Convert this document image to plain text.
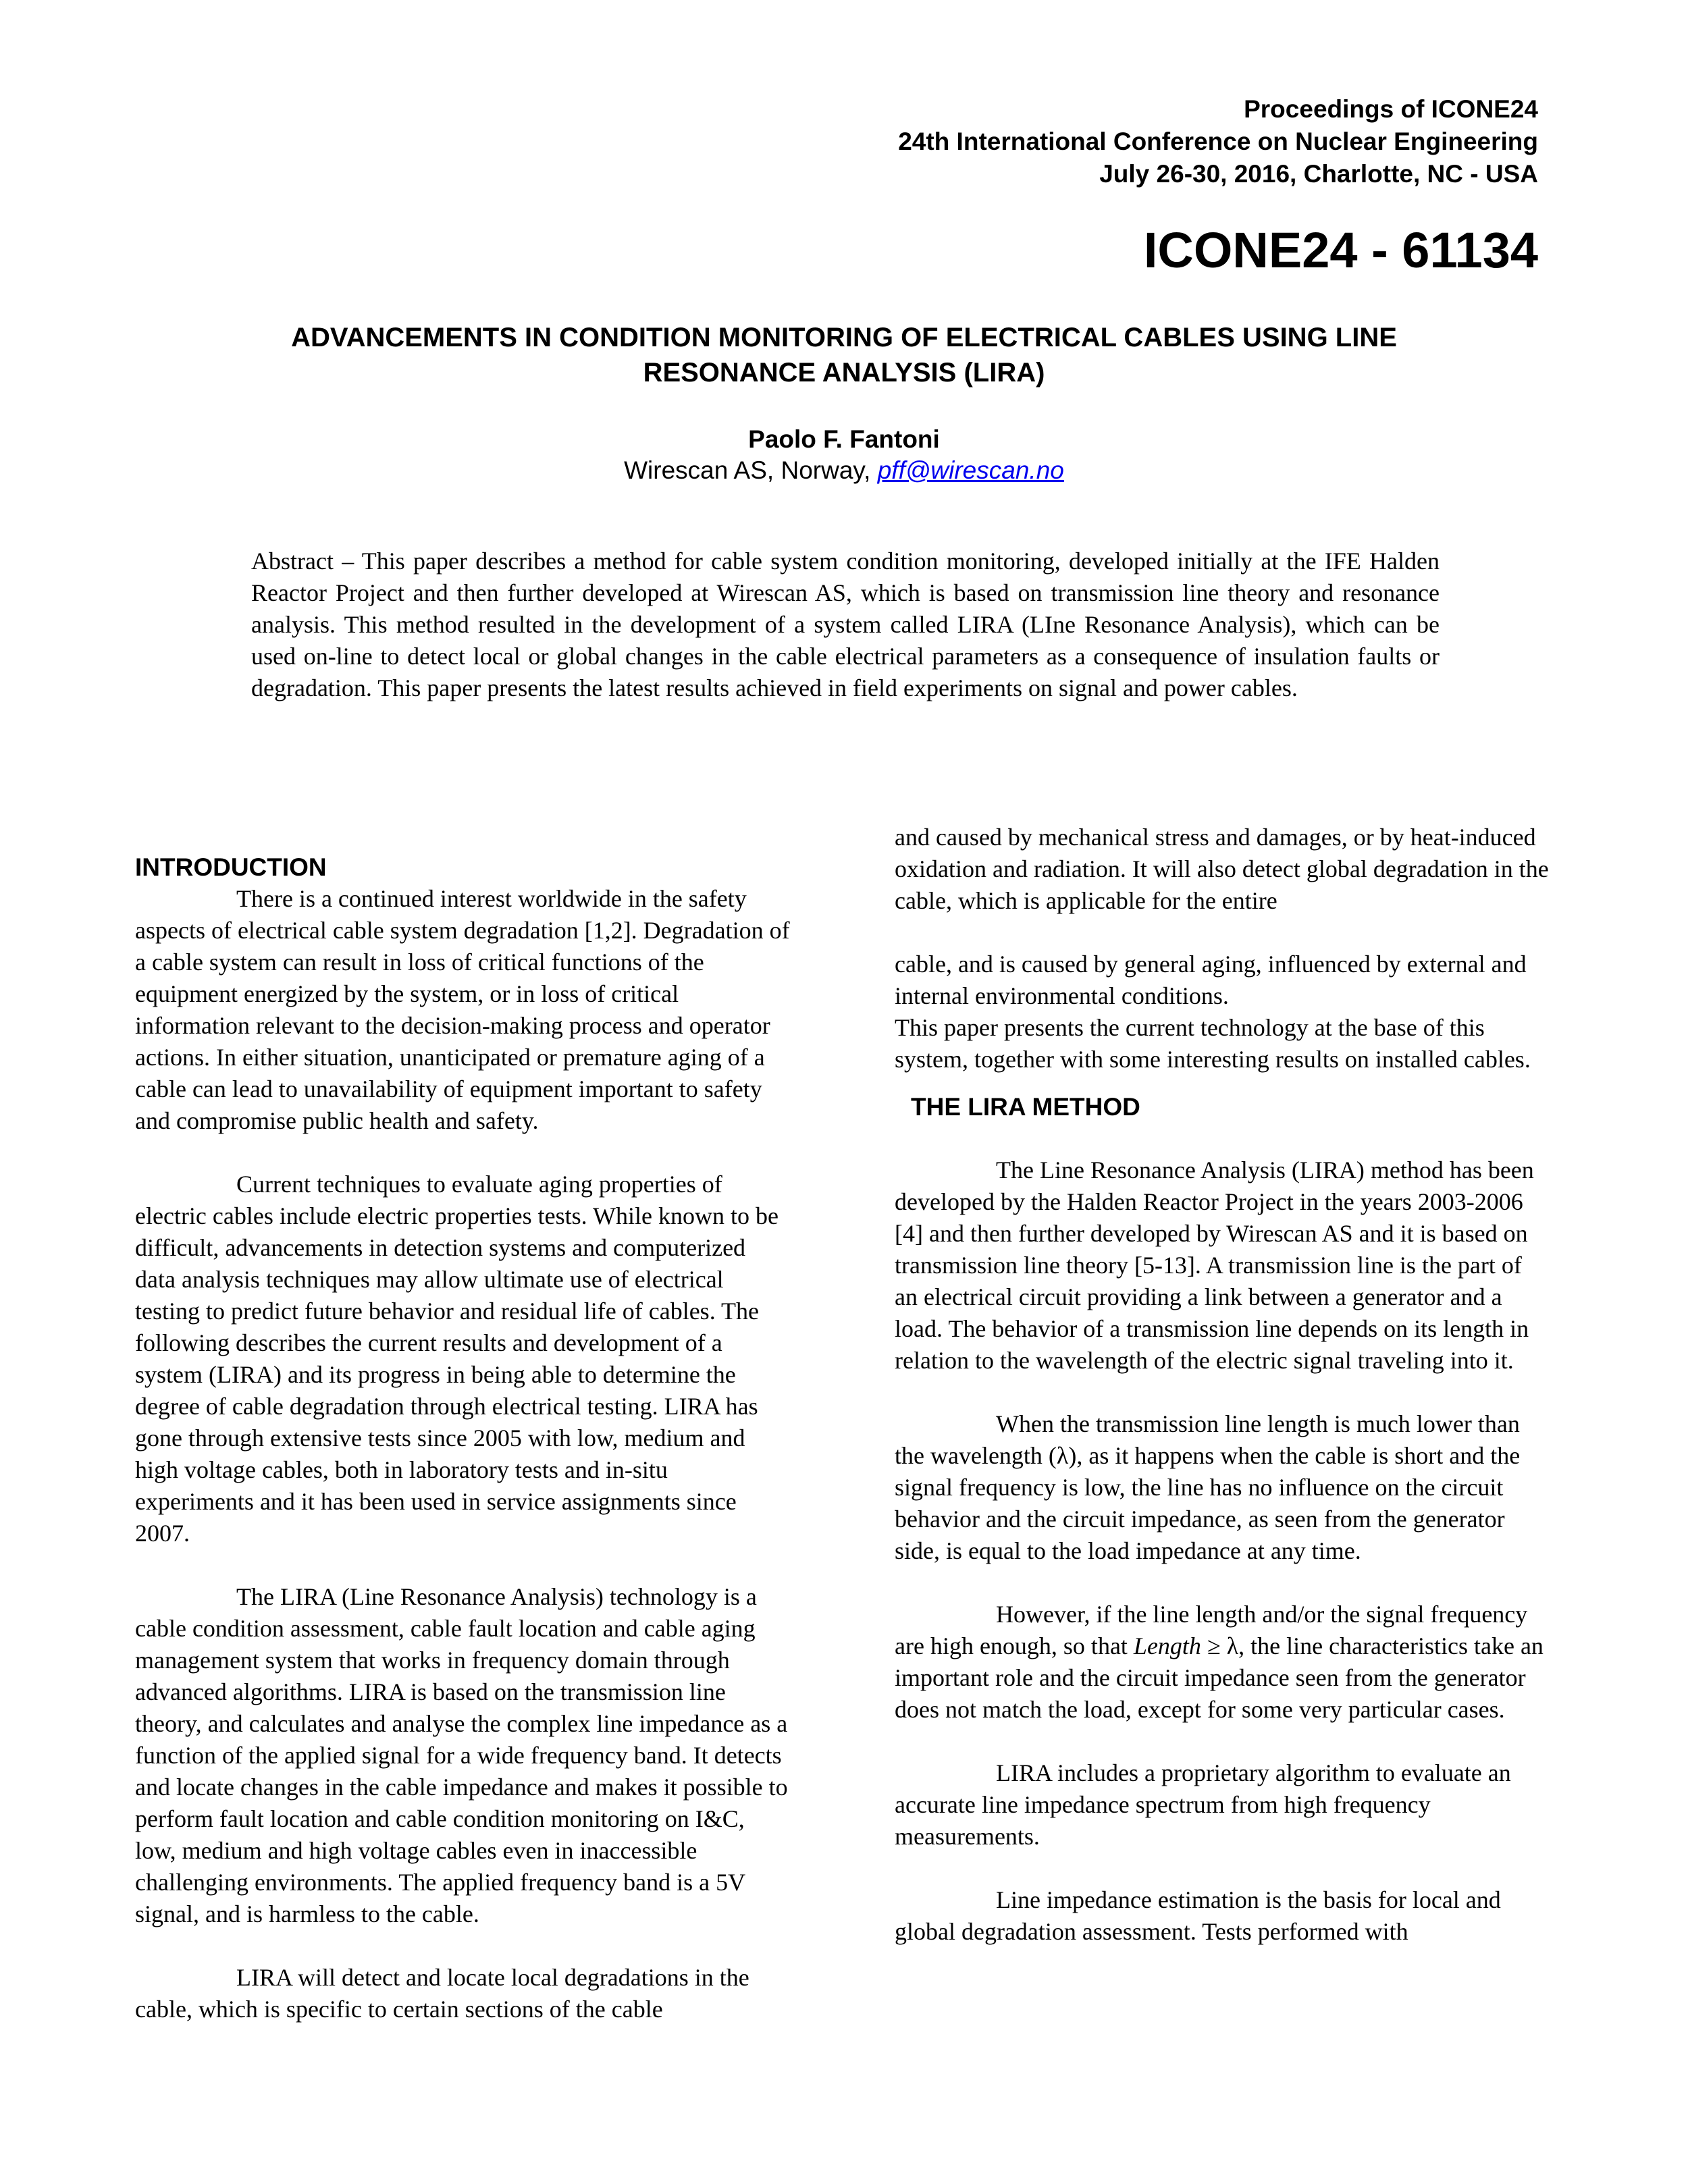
Proceedings of ICONE24
24th International Conference on Nuclear Engineering
July 26-30, 2016, Charlotte, NC - USA
ICONE24 - 61134
ADVANCEMENTS IN CONDITION MONITORING OF ELECTRICAL CABLES USING LINE
RESONANCE ANALYSIS (LIRA)
Paolo F. Fantoni
Wirescan AS, Norway, pff@wirescan.no
Abstract – This paper describes a method for cable system condition monitoring, developed initially at the IFE Halden Reactor Project and then further developed at Wirescan AS, which is based on transmission line theory and resonance analysis. This method resulted in the development of a system called LIRA (LIne Resonance Analysis), which can be used on-line to detect local or global changes in the cable electrical parameters as a consequence of insulation faults or degradation. This paper presents the latest results achieved in field experiments on signal and power cables.

INTRODUCTION

There is a continued interest worldwide in the safety aspects of electrical cable system degradation [1,2]. Degradation of a cable system can result in loss of critical functions of the equipment energized by the system, or in loss of critical information relevant to the decision-making process and operator actions. In either situation, unanticipated or premature aging of a cable can lead to unavailability of equipment important to safety and compromise public health and safety.

Current techniques to evaluate aging properties of electric cables include electric properties tests. While known to be difficult, advancements in detection systems and computerized data analysis techniques may allow ultimate use of electrical testing to predict future behavior and residual life of cables. The following describes the current results and development of a system (LIRA) and its progress in being able to determine the degree of cable degradation through electrical testing. LIRA has gone through extensive tests since 2005 with low, medium and high voltage cables, both in laboratory tests and in-situ experiments and it has been used in service assignments since 2007.

The LIRA (Line Resonance Analysis) technology is a cable condition assessment, cable fault location and cable aging management system that works in frequency domain through advanced algorithms. LIRA is based on the transmission line theory, and calculates and analyse the complex line impedance as a function of the applied signal for a wide frequency band. It detects and locate changes in the cable impedance and makes it possible to perform fault location and cable condition monitoring on I&C, low, medium and high voltage cables even in inaccessible challenging environments. The applied frequency band is a 5V signal, and is harmless to the cable.

LIRA will detect and locate local degradations in the cable, which is specific to certain sections of the cable

and caused by mechanical stress and damages, or by heat-induced oxidation and radiation. It will also detect global degradation in the cable, which is applicable for the entire

cable, and is caused by general aging, influenced by external and internal environmental conditions.

This paper presents the current technology at the base of this system, together with some interesting results on installed cables.

THE LIRA METHOD

The Line Resonance Analysis (LIRA) method has been developed by the Halden Reactor Project in the years 2003-2006 [4] and then further developed by Wirescan AS and it is based on transmission line theory [5-13]. A transmission line is the part of an electrical circuit providing a link between a generator and a load. The behavior of a transmission line depends on its length in relation to the wavelength of the electric signal traveling into it.

When the transmission line length is much lower than the wavelength (λ), as it happens when the cable is short and the signal frequency is low, the line has no influence on the circuit behavior and the circuit impedance, as seen from the generator side, is equal to the load impedance at any time.

However, if the line length and/or the signal frequency are high enough, so that Length ≥ λ, the line characteristics take an important role and the circuit impedance seen from the generator does not match the load, except for some very particular cases.

LIRA includes a proprietary algorithm to evaluate an accurate line impedance spectrum from high frequency measurements.

Line impedance estimation is the basis for local and global degradation assessment. Tests performed with
